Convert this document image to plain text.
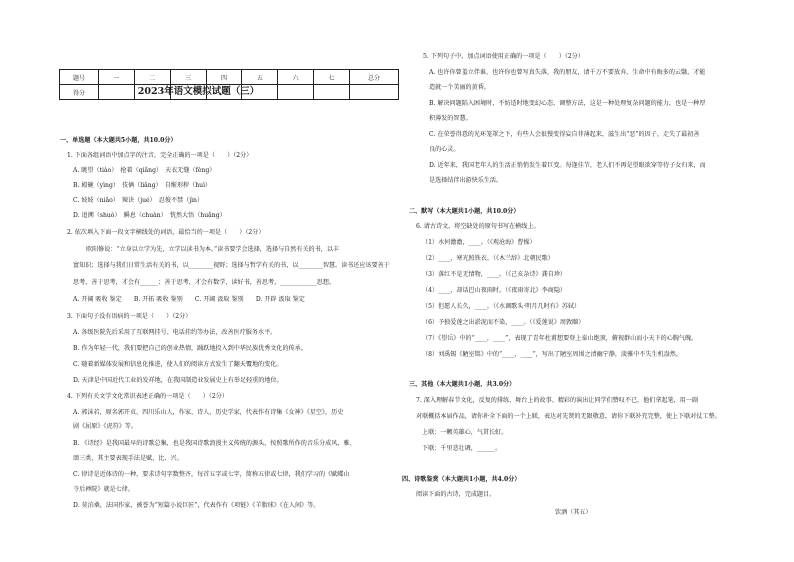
2023年语文模拟试题（三）
题号	一	二	三	四	五	六	七	总分
得分								
一、单选题（本大题共5小题，共10.0分）
1. 下面各组词语中加点字的注音，完全正确的一项是（　　）（2分）
A. 眺望（tiào）　抢着（qiǎng）　天衣无缝（fèng）
B. 殿碗（yìng）　伎俩（liǎng）　自惭形秽（huì）
C. 妓妓（niǎo）　辣诀（jué）　忍俊不禁（jìn）
D. 追溯（shuò）　瞬息（chuàn）　恍然大悟（huǎng）
2. 依次填入下面一段文字横线处的词语，最恰当的一项是（　　）（2分）
欧阳修说：“立身以立学为先，立学以读书为本。”读书要学会选择，选择与自然有关的书，以丰
富知识；选择与我们日常生活有关的书，以________视野；选择与哲学有关的书，以________智慧。读书还应该要善于
思考，善于思考，才会有______；善于思考，才会有数学，读好书，善思考，____________思想。
A. 开阔 吸收 鉴定　　B. 开拓 吸收 鉴别　　C. 开阔 汲取 鉴别　　D. 开辟 汲取 鉴定
3. 下面句子没有语病的一项是（　　）（2分）
A. 各级医院先后采用了互联网挂号、电话挂约等办法，改善医疗服务水平。
B. 作为年轻一代，我们要把自己的创业热情，踊跃地投入到中华民族优秀文化的传承。
C. 随着新媒体发展和信息化推进，使人们的阅读方式发生了翻天覆地的变化。
D. 天津是中国近代工业的发祥地，在我国制造业发展史上有举足轻重的地位。
4. 下列有关文学文化常识表述正确的一项是（　　）（2分）
A. 郭沫若，原名郭开贞，四川乐山人，作家、诗人、历史学家，代表作有诗集《女神》《星空》，历史
剧《屈原》《虎符》等。
B. 《诗经》是我国最早的诗歌总集，也是我国诗歌浪漫主义传统的源头，按照歌所作的音乐分成风、雅、
颂三类，其主要表现手法是赋、比、兴。
C. 律诗是近体诗的一种，要求诗句字数整齐，每首五字或七字，简称五律或七律，我们学习的《赋蝶山
寺后禅院》就是七律。
D. 莫泊桑，法国作家，被誉为“短篇小说巨匠”，代表作有《项链》《羊脂球》《在人间》等。
5. 下列句子中，加点词语使用正确的一项是（　　）（2分）
A. 也许你曾羞立伴谁，也许你也曾写真失落，我的朋友，请千万不要放弃，生命中有晦多的云翳，才能
造就一个美丽的黄昏。
B. 解决问题陷入困境时，不妨适时地变幻心态，调整方法，这是一种处理复杂问题的能力，也是一种厚
积薄发的智慧。
C. 在荣誉得意的光环笼罩之下，有些人会很慢变得妄自菲薄起来，滋生出“恶”的因子，走失了最初善
良的心灵。
D. 近年来，我国老年人的生活正悄悄发生着巨变。每逢佳节，老人们不再是望眼欲穿等待子女归来，而
是选择结伴出游快乐生活。
二、默写（本大题共1小题，共10.0分）
6. 请古诗文，将空缺处的原句书写在横线上。
（1）水何澹澹，____。（《观沧海》曹操）
（2）____，寒光照铁衣。（《木兰辞》北朝民歌）
（3）落红不是无情物，____。（《己亥杂诗》龚自珍）
（4）____，却话巴山夜雨时。（《夜雨寄北》李商隐）
（5）但愿人长久，____。（《水调歌头·明月几时有》苏轼）
（6）予独爱莲之出淤泥而不染，____。（《爱莲说》周敦颐）
（7）《望岳》中的“____，____”，表现了青年杜甫想要登上泰山绝顶，俯视群山而小天下的心胸气魄。
（8）刘禹锡《陋室铭》中的“____，____”，写出了陋室周围之清幽宁静，淡雅中不失生机盎然。
三、其他（本大题共1小题，共3.0分）
7. 深入理解春节文化，反复的排练、舞台上的故事、精彩的演出让同学们赞叹不已，他们拿起笔，用一副
对联概括本届作品，请你补全下面的一个上联，表达对先贤的无限敬意，请你下联补充完整，使上下联对仗工整。
上联：一颗英雄心，气贯长虹。
下联：千里悲壮调，______。
四、诗歌鉴赏（本大题共1小题，共4.0分）
阅读下面的古诗，完成题目。
饮酒（其五）
